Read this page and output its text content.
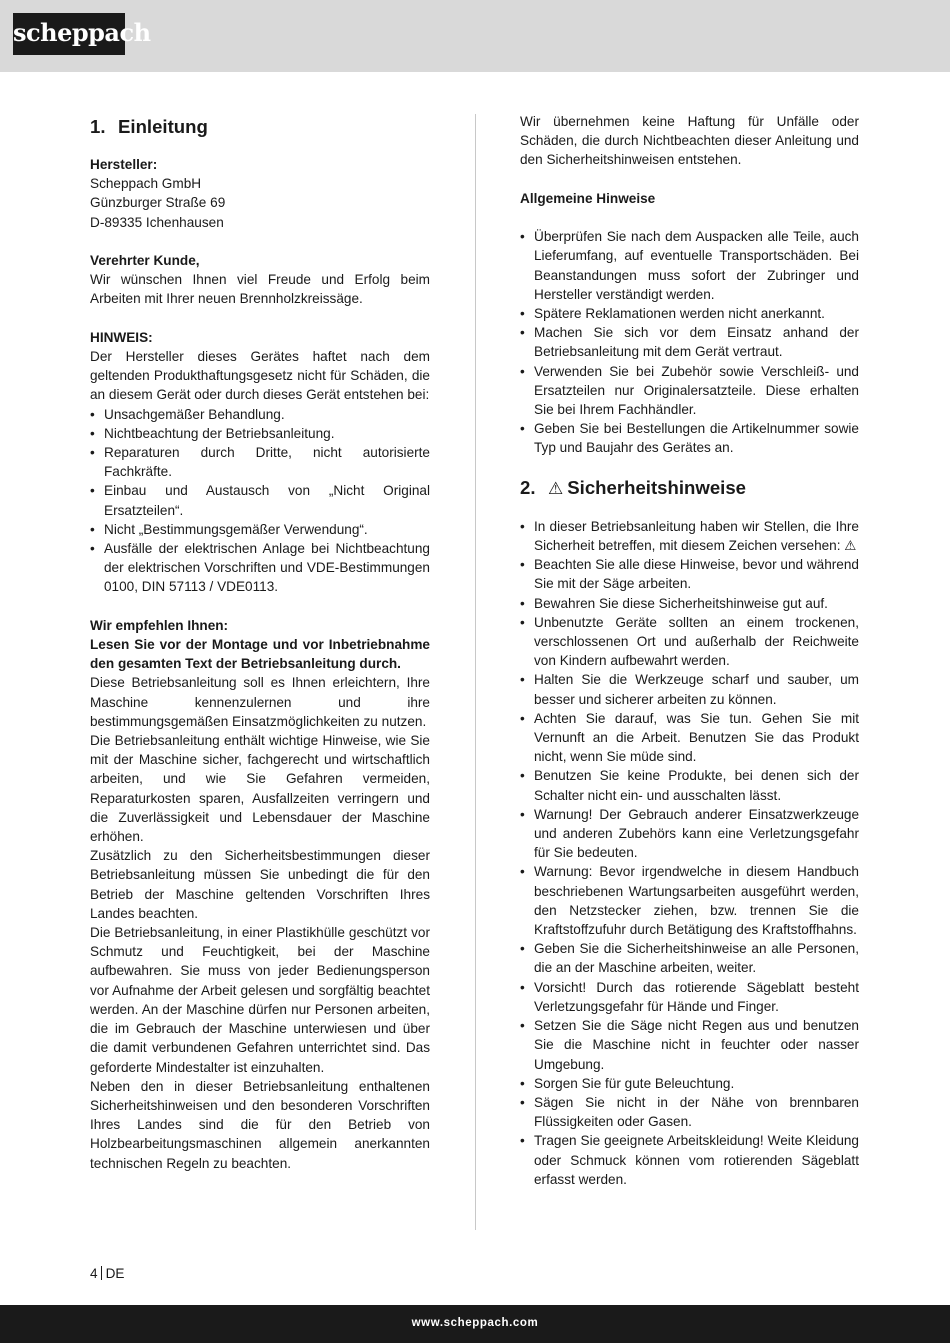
scheppach
1. Einleitung
Hersteller:
Scheppach GmbH
Günzburger Straße 69
D-89335 Ichenhausen
Verehrter Kunde,
Wir wünschen Ihnen viel Freude und Erfolg beim Arbeiten mit Ihrer neuen Brennholzkreissäge.
HINWEIS:
Der Hersteller dieses Gerätes haftet nach dem geltenden Produkthaftungsgesetz nicht für Schäden, die an diesem Gerät oder durch dieses Gerät entstehen bei:
• Unsachgemäßer Behandlung.
• Nichtbeachtung der Betriebsanleitung.
• Reparaturen durch Dritte, nicht autorisierte Fachkräfte.
• Einbau und Austausch von „Nicht Original Ersatzteilen“.
• Nicht „Bestimmungsgemäßer Verwendung“.
• Ausfälle der elektrischen Anlage bei Nichtbeachtung der elektrischen Vorschriften und VDE-Bestimmungen 0100, DIN 57113 / VDE0113.
Wir empfehlen Ihnen:
Lesen Sie vor der Montage und vor Inbetriebnahme den gesamten Text der Betriebsanleitung durch.
Diese Betriebsanleitung soll es Ihnen erleichtern, Ihre Maschine kennenzulernen und ihre bestimmungsgemäßen Einsatzmöglichkeiten zu nutzen.
Die Betriebsanleitung enthält wichtige Hinweise, wie Sie mit der Maschine sicher, fachgerecht und wirtschaftlich arbeiten, und wie Sie Gefahren vermeiden, Reparaturkosten sparen, Ausfallzeiten verringern und die Zuverlässigkeit und Lebensdauer der Maschine erhöhen.
Zusätzlich zu den Sicherheitsbestimmungen dieser Betriebsanleitung müssen Sie unbedingt die für den Betrieb der Maschine geltenden Vorschriften Ihres Landes beachten.
Die Betriebsanleitung, in einer Plastikhülle geschützt vor Schmutz und Feuchtigkeit, bei der Maschine aufbewahren. Sie muss von jeder Bedienungsperson vor Aufnahme der Arbeit gelesen und sorgfältig beachtet werden. An der Maschine dürfen nur Personen arbeiten, die im Gebrauch der Maschine unterwiesen und über die damit verbundenen Gefahren unterrichtet sind. Das geforderte Mindestalter ist einzuhalten.
Neben den in dieser Betriebsanleitung enthaltenen Sicherheitshinweisen und den besonderen Vorschriften Ihres Landes sind die für den Betrieb von Holzbearbeitungsmaschinen allgemein anerkannten technischen Regeln zu beachten.
Wir übernehmen keine Haftung für Unfälle oder Schäden, die durch Nichtbeachten dieser Anleitung und den Sicherheitshinweisen entstehen.
Allgemeine Hinweise
• Überprüfen Sie nach dem Auspacken alle Teile, auch Lieferumfang, auf eventuelle Transportschäden. Bei Beanstandungen muss sofort der Zubringer und Hersteller verständigt werden.
• Spätere Reklamationen werden nicht anerkannt.
• Machen Sie sich vor dem Einsatz anhand der Betriebsanleitung mit dem Gerät vertraut.
• Verwenden Sie bei Zubehör sowie Verschleiß- und Ersatzteilen nur Originalersatzteile. Diese erhalten Sie bei Ihrem Fachhändler.
• Geben Sie bei Bestellungen die Artikelnummer sowie Typ und Baujahr des Gerätes an.
2. ⚠ Sicherheitshinweise
• In dieser Betriebsanleitung haben wir Stellen, die Ihre Sicherheit betreffen, mit diesem Zeichen versehen: ⚠
• Beachten Sie alle diese Hinweise, bevor und während Sie mit der Säge arbeiten.
• Bewahren Sie diese Sicherheitshinweise gut auf.
• Unbenutzte Geräte sollten an einem trockenen, verschlossenen Ort und außerhalb der Reichweite von Kindern aufbewahrt werden.
• Halten Sie die Werkzeuge scharf und sauber, um besser und sicherer arbeiten zu können.
• Achten Sie darauf, was Sie tun. Gehen Sie mit Vernunft an die Arbeit. Benutzen Sie das Produkt nicht, wenn Sie müde sind.
• Benutzen Sie keine Produkte, bei denen sich der Schalter nicht ein- und ausschalten lässt.
• Warnung! Der Gebrauch anderer Einsatzwerkzeuge und anderen Zubehörs kann eine Verletzungsgefahr für Sie bedeuten.
• Warnung: Bevor irgendwelche in diesem Handbuch beschriebenen Wartungsarbeiten ausgeführt werden, den Netzstecker ziehen, bzw. trennen Sie die Kraftstoffzufuhr durch Betätigung des Kraftstoffhahns.
• Geben Sie die Sicherheitshinweise an alle Personen, die an der Maschine arbeiten, weiter.
• Vorsicht! Durch das rotierende Sägeblatt besteht Verletzungsgefahr für Hände und Finger.
• Setzen Sie die Säge nicht Regen aus und benutzen Sie die Maschine nicht in feuchter oder nasser Umgebung.
• Sorgen Sie für gute Beleuchtung.
• Sägen Sie nicht in der Nähe von brennbaren Flüssigkeiten oder Gasen.
• Tragen Sie geeignete Arbeitskleidung! Weite Kleidung oder Schmuck können vom rotierenden Sägeblatt erfasst werden.
4 DE
www.scheppach.com
